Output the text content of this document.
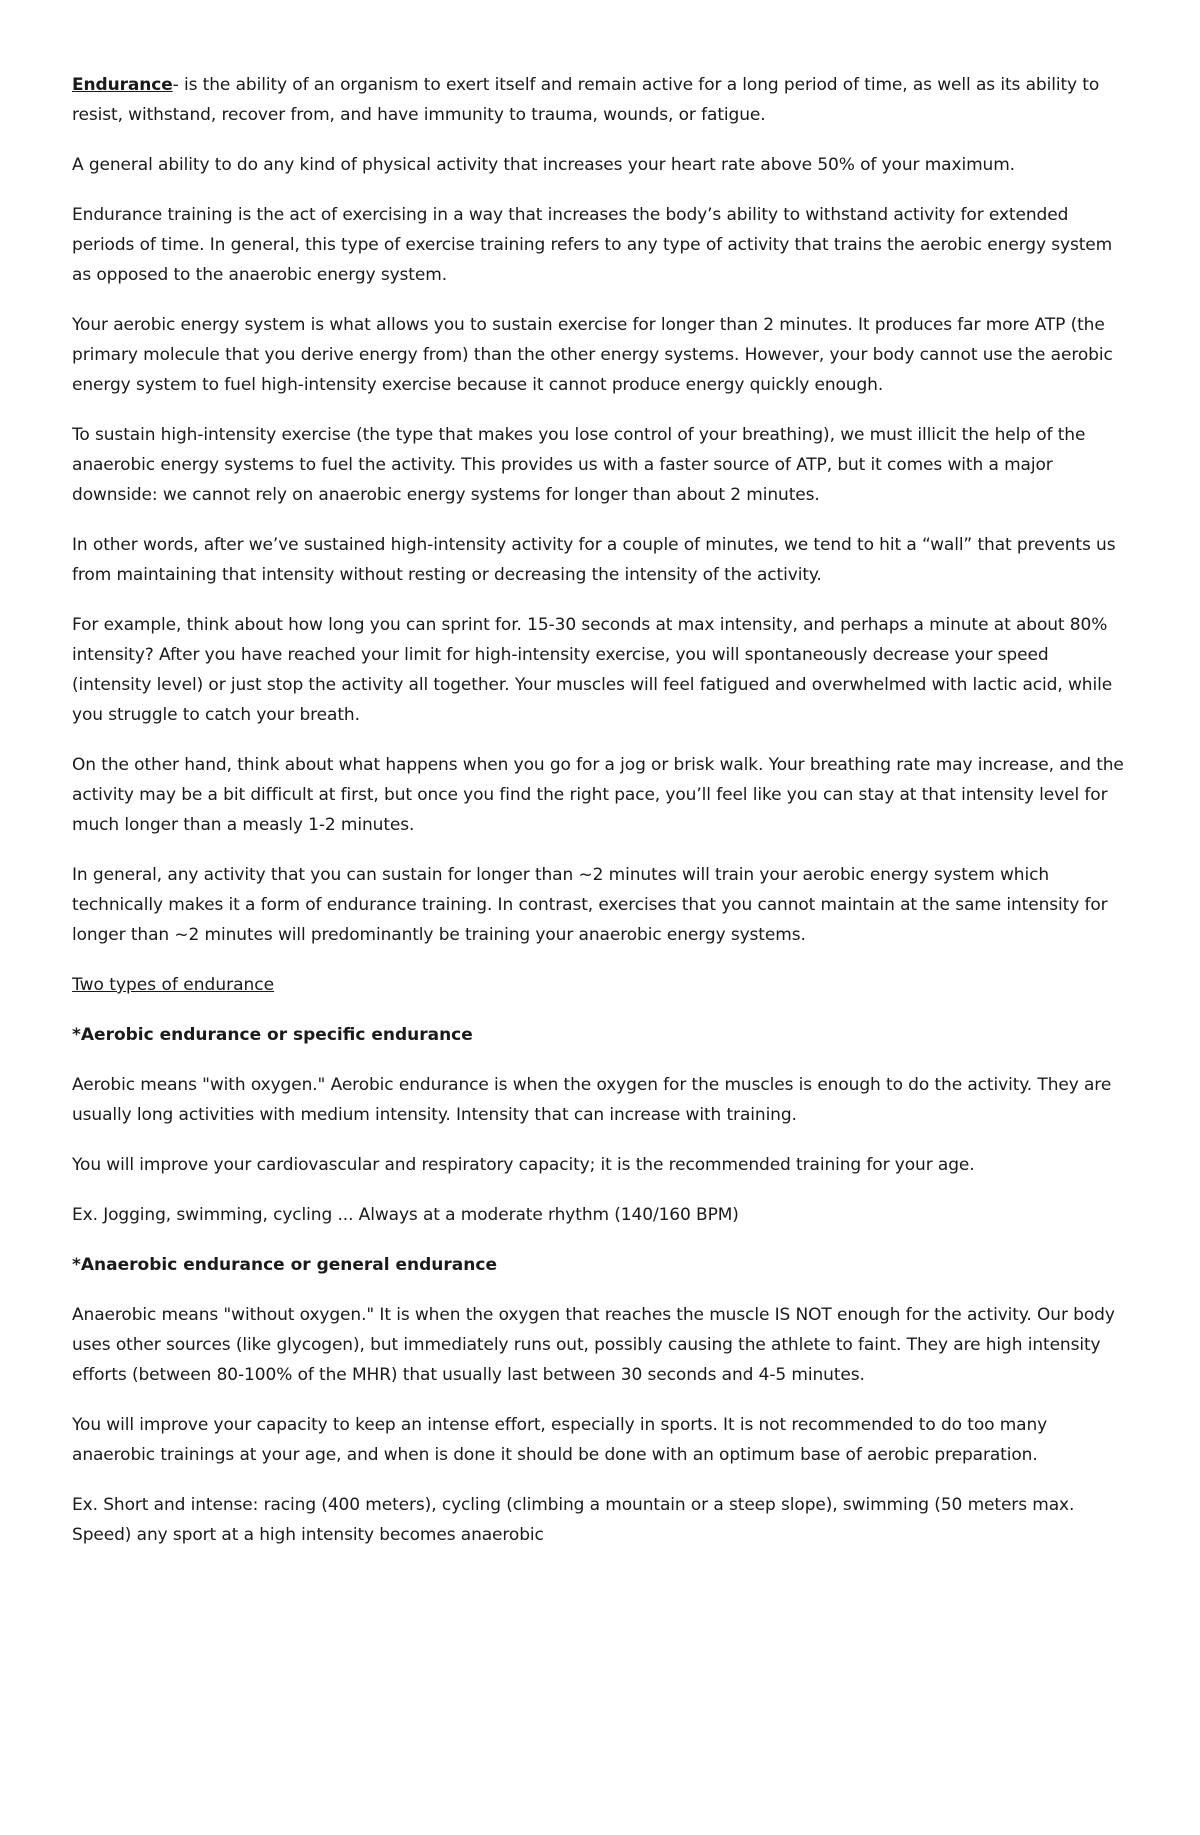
Endurance- is the ability of an organism to exert itself and remain active for a long period of time, as well as its ability to resist, withstand, recover from, and have immunity to trauma, wounds, or fatigue.

A general ability to do any kind of physical activity that increases your heart rate above 50% of your maximum.

Endurance training is the act of exercising in a way that increases the body’s ability to withstand activity for extended periods of time. In general, this type of exercise training refers to any type of activity that trains the aerobic energy system as opposed to the anaerobic energy system.

Your aerobic energy system is what allows you to sustain exercise for longer than 2 minutes. It produces far more ATP (the primary molecule that you derive energy from) than the other energy systems. However, your body cannot use the aerobic energy system to fuel high-intensity exercise because it cannot produce energy quickly enough.

To sustain high-intensity exercise (the type that makes you lose control of your breathing), we must illicit the help of the anaerobic energy systems to fuel the activity. This provides us with a faster source of ATP, but it comes with a major downside: we cannot rely on anaerobic energy systems for longer than about 2 minutes.

In other words, after we’ve sustained high-intensity activity for a couple of minutes, we tend to hit a “wall” that prevents us from maintaining that intensity without resting or decreasing the intensity of the activity.

For example, think about how long you can sprint for. 15-30 seconds at max intensity, and perhaps a minute at about 80% intensity? After you have reached your limit for high-intensity exercise, you will spontaneously decrease your speed (intensity level) or just stop the activity all together. Your muscles will feel fatigued and overwhelmed with lactic acid, while you struggle to catch your breath.

On the other hand, think about what happens when you go for a jog or brisk walk. Your breathing rate may increase, and the activity may be a bit difficult at first, but once you find the right pace, you’ll feel like you can stay at that intensity level for much longer than a measly 1-2 minutes.

In general, any activity that you can sustain for longer than ~2 minutes will train your aerobic energy system which technically makes it a form of endurance training. In contrast, exercises that you cannot maintain at the same intensity for longer than ~2 minutes will predominantly be training your anaerobic energy systems.

Two types of endurance

*Aerobic endurance or specific endurance

Aerobic means "with oxygen." Aerobic endurance is when the oxygen for the muscles is enough to do the activity. They are usually long activities with medium intensity. Intensity that can increase with training.

You will improve your cardiovascular and respiratory capacity; it is the recommended training for your age.

Ex. Jogging, swimming, cycling ... Always at a moderate rhythm (140/160 BPM)

*Anaerobic endurance or general endurance

Anaerobic means "without oxygen." It is when the oxygen that reaches the muscle IS NOT enough for the activity. Our body uses other sources (like glycogen), but immediately runs out, possibly causing the athlete to faint. They are high intensity efforts (between 80-100% of the MHR) that usually last between 30 seconds and 4-5 minutes.

You will improve your capacity to keep an intense effort, especially in sports. It is not recommended to do too many anaerobic trainings at your age, and when is done it should be done with an optimum base of aerobic preparation.

Ex. Short and intense: racing (400 meters), cycling (climbing a mountain or a steep slope), swimming (50 meters max. Speed) any sport at a high intensity becomes anaerobic
